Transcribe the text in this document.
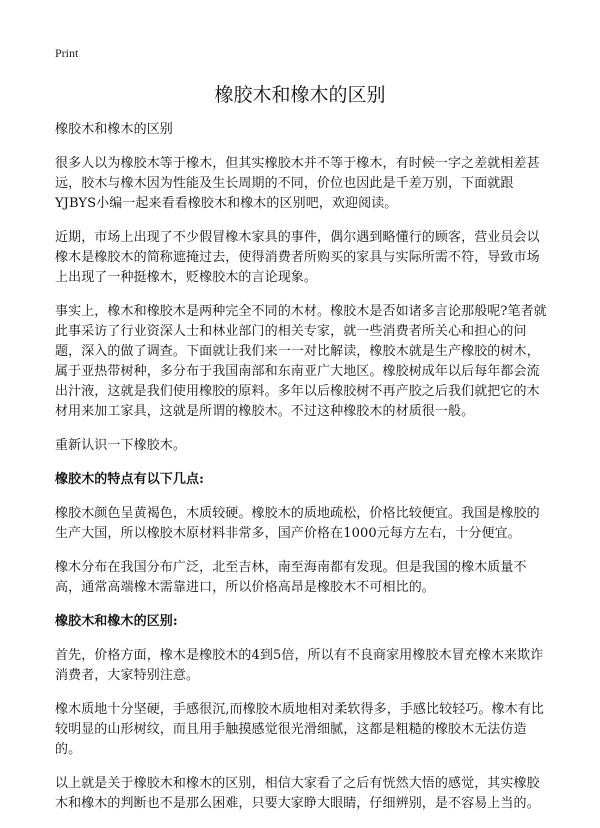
Print
橡胶木和橡木的区别

橡胶木和橡木的区别

很多人以为橡胶木等于橡木，但其实橡胶木并不等于橡木，有时候一字之差就相差甚远，胶木与橡木因为性能及生长周期的不同，价位也因此是千差万别，下面就跟YJBYS小编一起来看看橡胶木和橡木的区别吧，欢迎阅读。

近期，市场上出现了不少假冒橡木家具的事件，偶尔遇到略懂行的顾客，营业员会以橡木是橡胶木的简称遮掩过去，使得消费者所购买的家具与实际所需不符，导致市场上出现了一种挺橡木，贬橡胶木的言论现象。

事实上，橡木和橡胶木是两种完全不同的木材。橡胶木是否如诸多言论那般呢?笔者就此事采访了行业资深人士和林业部门的相关专家，就一些消费者所关心和担心的问题，深入的做了调查。下面就让我们来一一对比解读，橡胶木就是生产橡胶的树木，属于亚热带树种，多分布于我国南部和东南亚广大地区。橡胶树成年以后每年都会流出汁液，这就是我们使用橡胶的原料。多年以后橡胶树不再产胶之后我们就把它的木材用来加工家具，这就是所谓的橡胶木。不过这种橡胶木的材质很一般。

重新认识一下橡胶木。

橡胶木的特点有以下几点:

橡胶木颜色呈黄褐色，木质较硬。橡胶木的质地疏松，价格比较便宜。我国是橡胶的生产大国，所以橡胶木原材料非常多，国产价格在1000元每方左右，十分便宜。

橡木分布在我国分布广泛，北至吉林，南至海南都有发现。但是我国的橡木质量不高，通常高端橡木需靠进口，所以价格高昂是橡胶木不可相比的。

橡胶木和橡木的区别:

首先，价格方面，橡木是橡胶木的4到5倍，所以有不良商家用橡胶木冒充橡木来欺诈消费者，大家特别注意。

橡木质地十分坚硬，手感很沉,而橡胶木质地相对柔软得多，手感比较轻巧。橡木有比较明显的山形树纹，而且用手触摸感觉很光滑细腻，这都是粗糙的橡胶木无法仿造的。

以上就是关于橡胶木和橡木的区别，相信大家看了之后有恍然大悟的感觉，其实橡胶木和橡木的判断也不是那么困难，只要大家睁大眼睛，仔细辨别，是不容易上当的。
